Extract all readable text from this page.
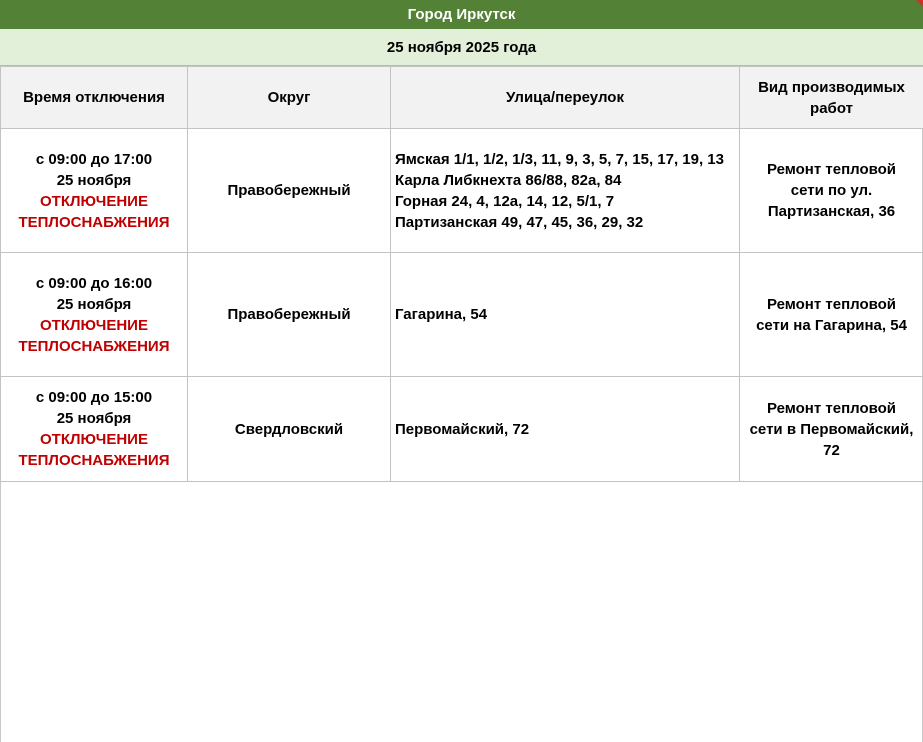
Город Иркутск
25 ноября 2025 года
Время отключения	Округ	Улица/переулок	Вид производимых работ

с 09:00 до 17:00
25 ноября
ОТКЛЮЧЕНИЕ
ТЕПЛОСНАБЖЕНИЯ	Правобережный	Ямская 1/1, 1/2, 1/3, 11, 9, 3, 5, 7, 15, 17, 19, 13
Карла Либкнехта 86/88, 82а, 84
Горная 24, 4, 12а, 14, 12, 5/1, 7
Партизанская 49, 47, 45, 36, 29, 32	Ремонт тепловой
сети по ул.
Партизанская, 36

с 09:00 до 16:00
25 ноября
ОТКЛЮЧЕНИЕ
ТЕПЛОСНАБЖЕНИЯ	Правобережный	Гагарина, 54	Ремонт тепловой
сети на Гагарина, 54

с 09:00 до 15:00
25 ноября
ОТКЛЮЧЕНИЕ
ТЕПЛОСНАБЖЕНИЯ	Свердловский	Первомайский, 72	Ремонт тепловой
сети в Первомайский,
72
